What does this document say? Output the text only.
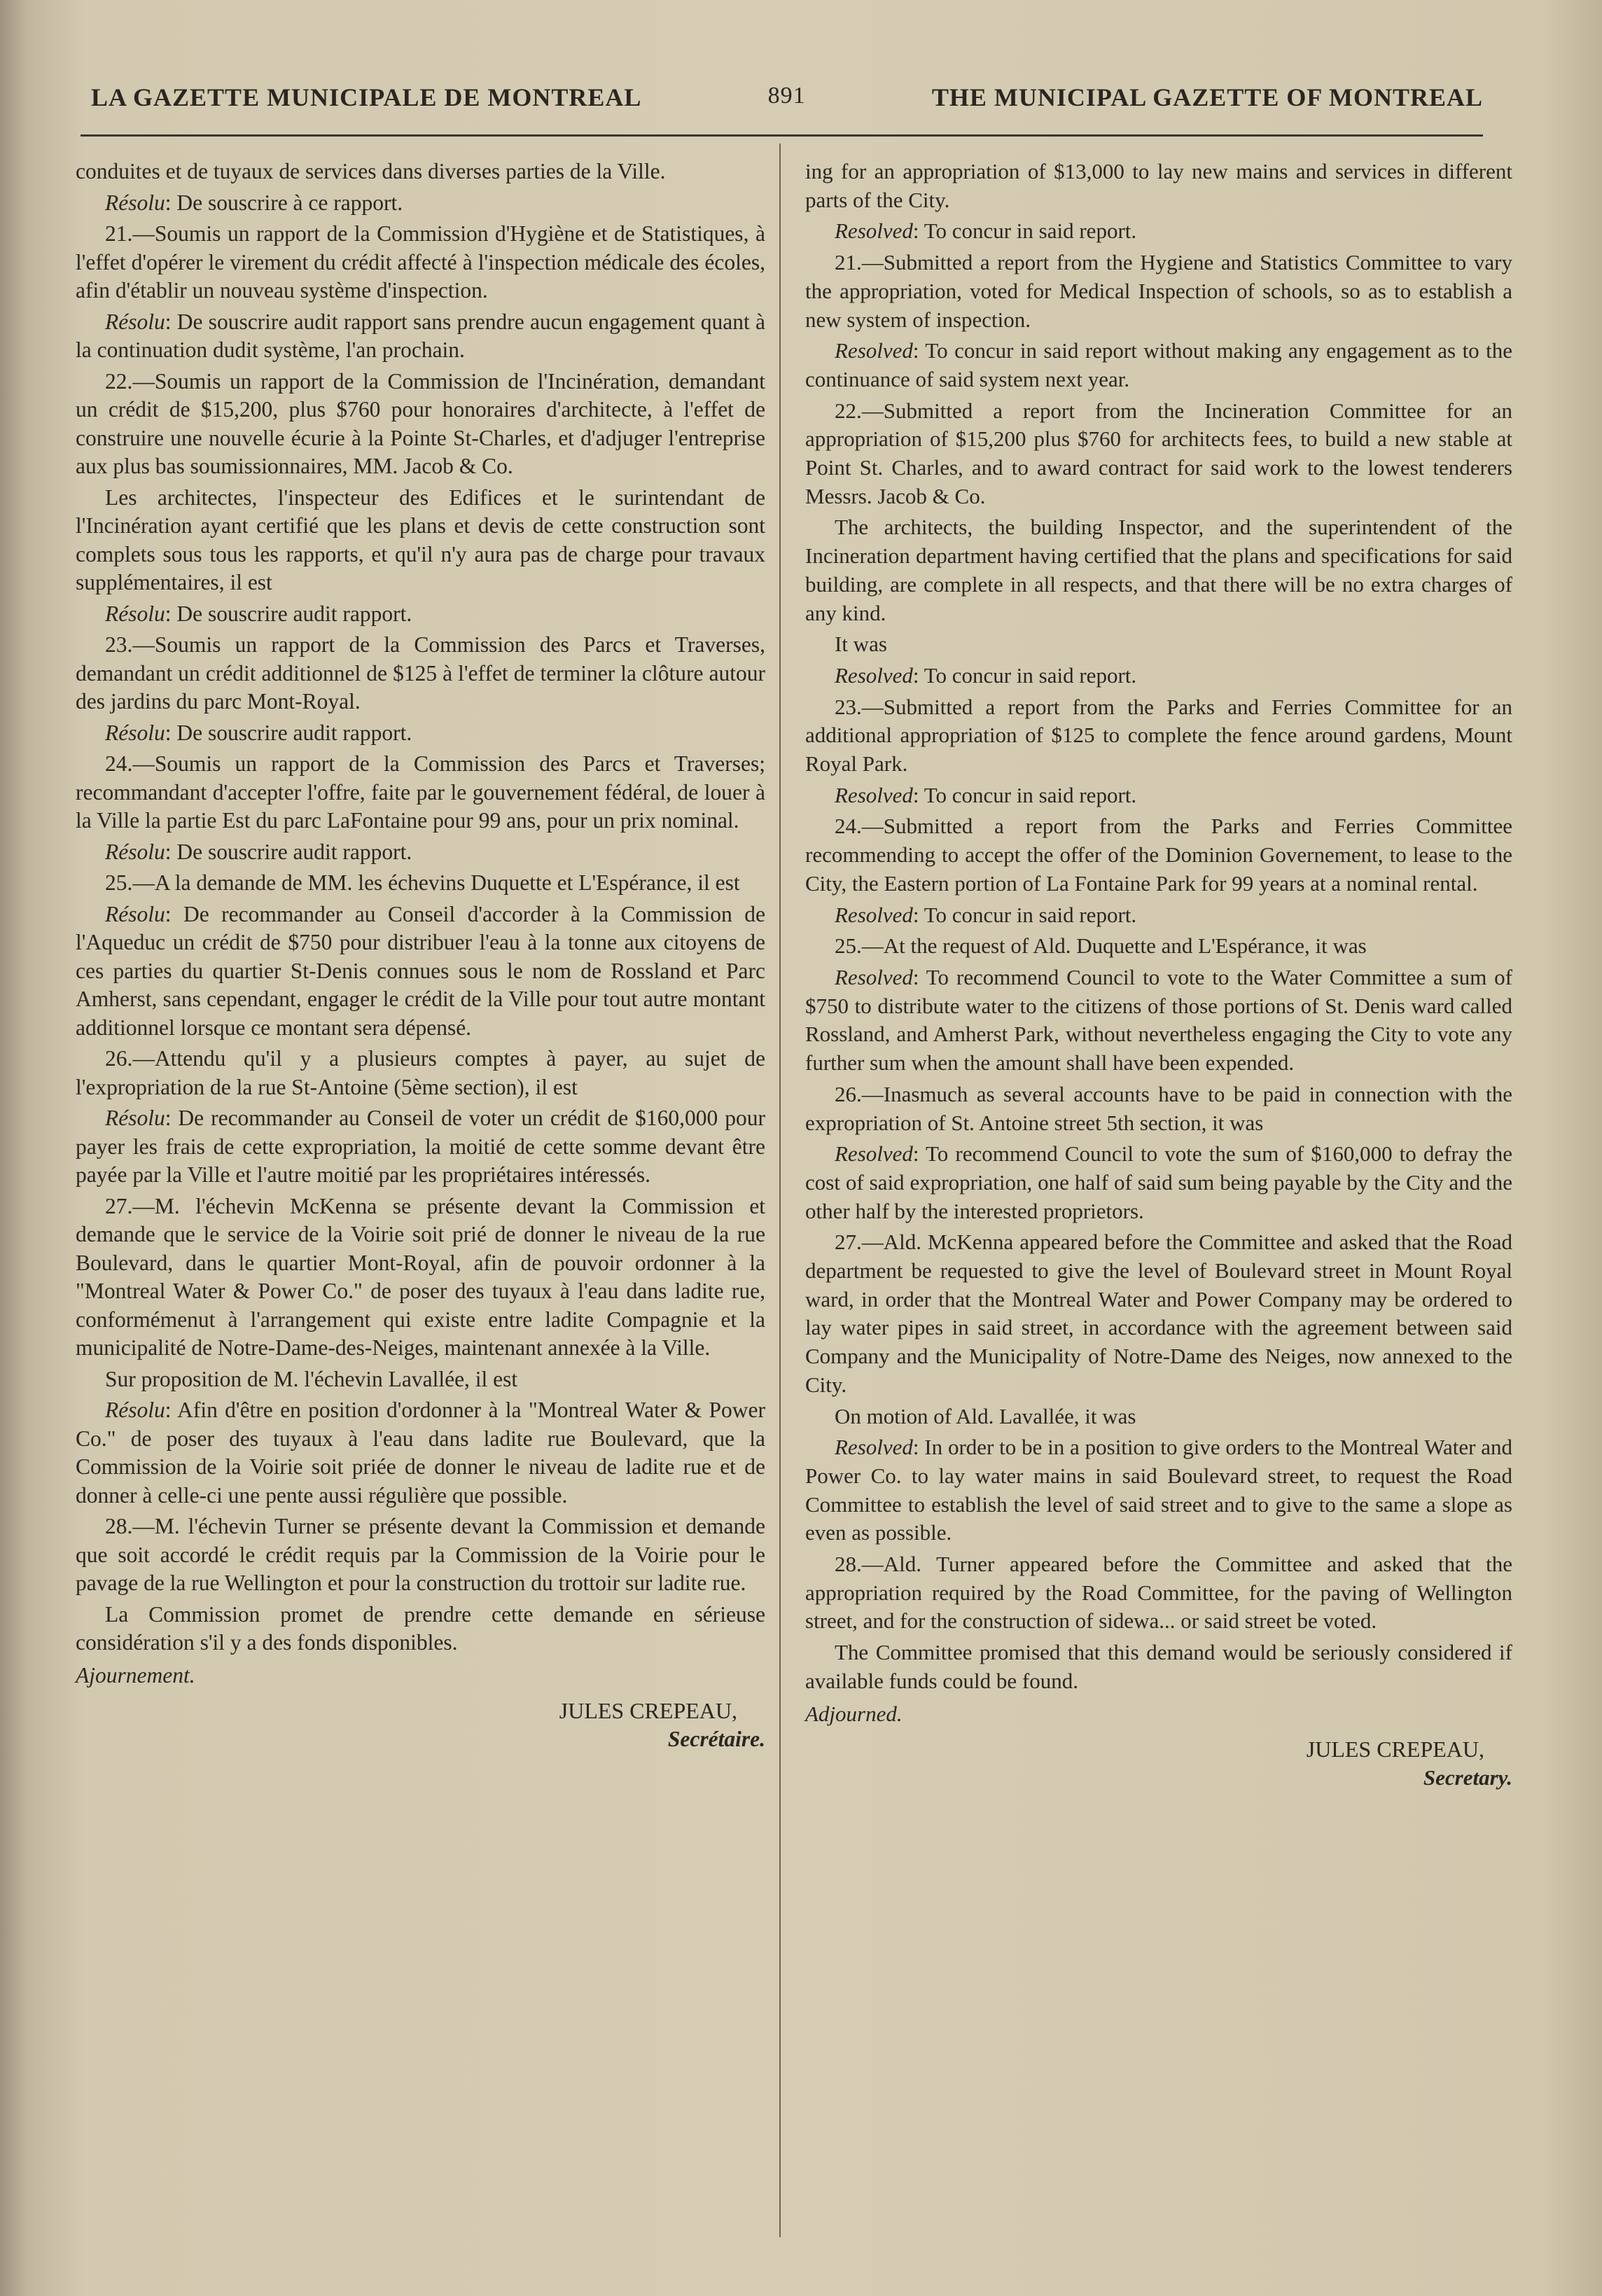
LA GAZETTE MUNICIPALE DE MONTREAL	891	THE MUNICIPAL GAZETTE OF MONTREAL

conduites et de tuyaux de services dans diverses parties de la Ville.

Résolu: De souscrire à ce rapport.

21.—Soumis un rapport de la Commission d'Hygiène et de Statistiques, à l'effet d'opérer le virement du crédit affecté à l'inspection médicale des écoles, afin d'établir un nouveau système d'inspection.

Résolu: De souscrire audit rapport sans prendre aucun engagement quant à la continuation dudit système, l'an prochain.

22.—Soumis un rapport de la Commission de l'Incinération, demandant un crédit de $15,200, plus $760 pour honoraires d'architecte, à l'effet de construire une nouvelle écurie à la Pointe St-Charles, et d'adjuger l'entreprise aux plus bas soumissionnaires, MM. Jacob & Co.

Les architectes, l'inspecteur des Edifices et le surintendant de l'Incinération ayant certifié que les plans et devis de cette construction sont complets sous tous les rapports, et qu'il n'y aura pas de charge pour travaux supplémentaires, il est

Résolu: De souscrire audit rapport.

23.—Soumis un rapport de la Commission des Parcs et Traverses, demandant un crédit additionnel de $125 à l'effet de terminer la clôture autour des jardins du parc Mont-Royal.

Résolu: De souscrire audit rapport.

24.—Soumis un rapport de la Commission des Parcs et Traverses; recommandant d'accepter l'offre, faite par le gouvernement fédéral, de louer à la Ville la partie Est du parc LaFontaine pour 99 ans, pour un prix nominal.

Résolu: De souscrire audit rapport.

25.—A la demande de MM. les échevins Duquette et L'Espérance, il est

Résolu: De recommander au Conseil d'accorder à la Commission de l'Aqueduc un crédit de $750 pour distribuer l'eau à la tonne aux citoyens de ces parties du quartier St-Denis connues sous le nom de Rossland et Parc Amherst, sans cependant, engager le crédit de la Ville pour tout autre montant additionnel lorsque ce montant sera dépensé.

26.—Attendu qu'il y a plusieurs comptes à payer, au sujet de l'expropriation de la rue St-Antoine (5ème section), il est

Résolu: De recommander au Conseil de voter un crédit de $160,000 pour payer les frais de cette expropriation, la moitié de cette somme devant être payée par la Ville et l'autre moitié par les propriétaires intéressés.

27.—M. l'échevin McKenna se présente devant la Commission et demande que le service de la Voirie soit prié de donner le niveau de la rue Boulevard, dans le quartier Mont-Royal, afin de pouvoir ordonner à la "Montreal Water & Power Co." de poser des tuyaux à l'eau dans ladite rue, conformémenut à l'arrangement qui existe entre ladite Compagnie et la municipalité de Notre-Dame-des-Neiges, maintenant annexée à la Ville.

Sur proposition de M. l'échevin Lavallée, il est

Résolu: Afin d'être en position d'ordonner à la "Montreal Water & Power Co." de poser des tuyaux à l'eau dans ladite rue Boulevard, que la Commission de la Voirie soit priée de donner le niveau de ladite rue et de donner à celle-ci une pente aussi régulière que possible.

28.—M. l'échevin Turner se présente devant la Commission et demande que soit accordé le crédit requis par la Commission de la Voirie pour le pavage de la rue Wellington et pour la construction du trottoir sur ladite rue.

La Commission promet de prendre cette demande en sérieuse considération s'il y a des fonds disponibles.

Ajournement.

JULES CREPEAU,
Secrétaire.

ing for an appropriation of $13,000 to lay new mains and services in different parts of the City.

Resolved: To concur in said report.

21.—Submitted a report from the Hygiene and Statistics Committee to vary the appropriation, voted for Medical Inspection of schools, so as to establish a new system of inspection.

Resolved: To concur in said report without making any engagement as to the continuance of said system next year.

22.—Submitted a report from the Incineration Committee for an appropriation of $15,200 plus $760 for architects fees, to build a new stable at Point St. Charles, and to award contract for said work to the lowest tenderers Messrs. Jacob & Co.

The architects, the building Inspector, and the superintendent of the Incineration department having certified that the plans and specifications for said building, are complete in all respects, and that there will be no extra charges of any kind.

It was

Resolved: To concur in said report.

23.—Submitted a report from the Parks and Ferries Committee for an additional appropriation of $125 to complete the fence around gardens, Mount Royal Park.

Resolved: To concur in said report.

24.—Submitted a report from the Parks and Ferries Committee recommending to accept the offer of the Dominion Governement, to lease to the City, the Eastern portion of La Fontaine Park for 99 years at a nominal rental.

Resolved: To concur in said report.

25.—At the request of Ald. Duquette and L'Espérance, it was

Resolved: To recommend Council to vote to the Water Committee a sum of $750 to distribute water to the citizens of those portions of St. Denis ward called Rossland, and Amherst Park, without nevertheless engaging the City to vote any further sum when the amount shall have been expended.

26.—Inasmuch as several accounts have to be paid in connection with the expropriation of St. Antoine street 5th section, it was

Resolved: To recommend Council to vote the sum of $160,000 to defray the cost of said expropriation, one half of said sum being payable by the City and the other half by the interested proprietors.

27.—Ald. McKenna appeared before the Committee and asked that the Road department be requested to give the level of Boulevard street in Mount Royal ward, in order that the Montreal Water and Power Company may be ordered to lay water pipes in said street, in accordance with the agreement between said Company and the Municipality of Notre-Dame des Neiges, now annexed to the City.

On motion of Ald. Lavallée, it was

Resolved: In order to be in a position to give orders to the Montreal Water and Power Co. to lay water mains in said Boulevard street, to request the Road Committee to establish the level of said street and to give to the same a slope as even as possible.

28.—Ald. Turner appeared before the Committee and asked that the appropriation required by the Road Committee, for the paving of Wellington street, and for the construction of sidewa... or said street be voted.

The Committee promised that this demand would be seriously considered if available funds could be found.

Adjourned.

JULES CREPEAU,
Secretary.
